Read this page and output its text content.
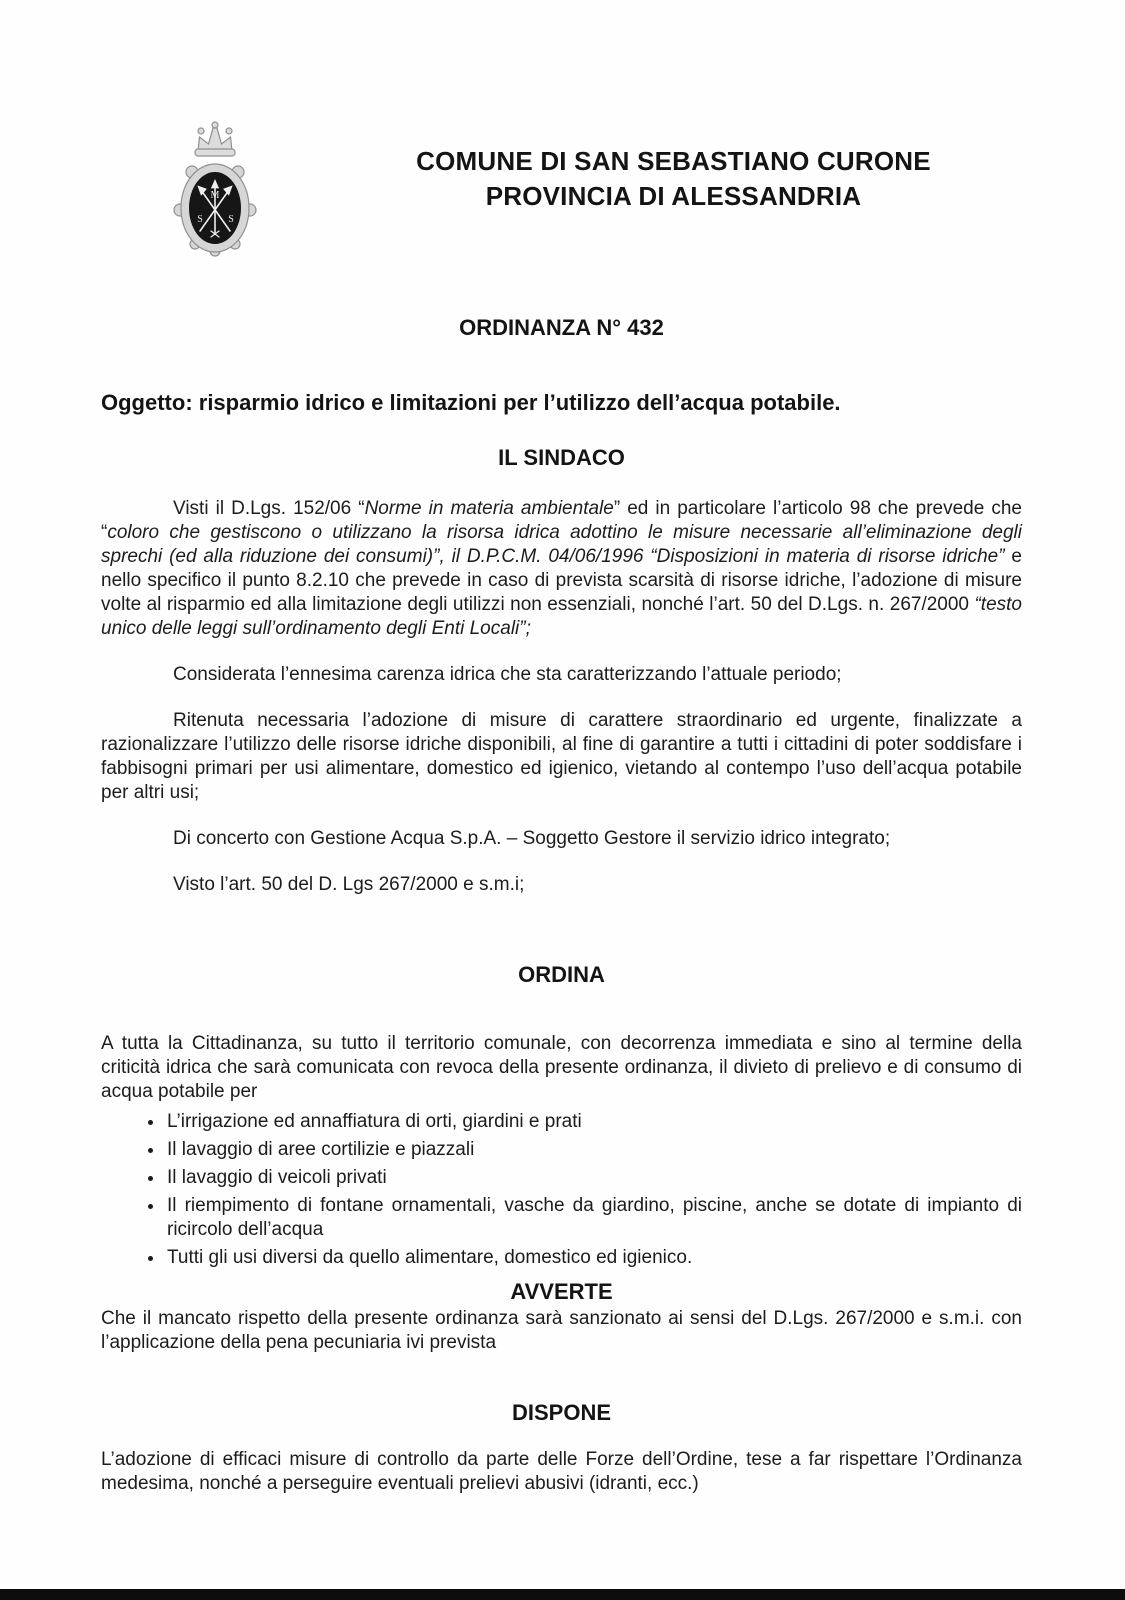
M
S	S
COMUNE DI SAN SEBASTIANO CURONE
PROVINCIA DI ALESSANDRIA
ORDINANZA N° 432

Oggetto: risparmio idrico e limitazioni per l’utilizzo dell’acqua potabile.

IL SINDACO

Visti il D.Lgs. 152/06 “Norme in materia ambientale” ed in particolare l’articolo 98 che prevede che “coloro che gestiscono o utilizzano la risorsa idrica adottino le misure necessarie all’eliminazione degli sprechi (ed alla riduzione dei consumi)”, il D.P.C.M. 04/06/1996 “Disposizioni in materia di risorse idriche” e nello specifico il punto 8.2.10 che prevede in caso di prevista scarsità di risorse idriche, l’adozione di misure volte al risparmio ed alla limitazione degli utilizzi non essenziali, nonché l’art. 50 del D.Lgs. n. 267/2000 “testo unico delle leggi sull’ordinamento degli Enti Locali”;

Considerata l’ennesima carenza idrica che sta caratterizzando l’attuale periodo;

Ritenuta necessaria l’adozione di misure di carattere straordinario ed urgente, finalizzate a razionalizzare l’utilizzo delle risorse idriche disponibili, al fine di garantire a tutti i cittadini di poter soddisfare i fabbisogni primari per usi alimentare, domestico ed igienico, vietando al contempo l’uso dell’acqua potabile per altri usi;

Di concerto con Gestione Acqua S.p.A. – Soggetto Gestore il servizio idrico integrato;

Visto l’art. 50 del D. Lgs 267/2000 e s.m.i;

ORDINA

A tutta la Cittadinanza, su tutto il territorio comunale, con decorrenza immediata e sino al termine della criticità idrica che sarà comunicata con revoca della presente ordinanza, il divieto di prelievo e di consumo di acqua potabile per

• L’irrigazione ed annaffiatura di orti, giardini e prati
• Il lavaggio di aree cortilizie e piazzali
• Il lavaggio di veicoli privati
• Il riempimento di fontane ornamentali, vasche da giardino, piscine, anche se dotate di impianto di ricircolo dell’acqua
• Tutti gli usi diversi da quello alimentare, domestico ed igienico.
AVVERTE

Che il mancato rispetto della presente ordinanza sarà sanzionato ai sensi del D.Lgs. 267/2000 e s.m.i. con l’applicazione della pena pecuniaria ivi prevista

DISPONE

L’adozione di efficaci misure di controllo da parte delle Forze dell’Ordine, tese a far rispettare l’Ordinanza medesima, nonché a perseguire eventuali prelievi abusivi (idranti, ecc.)
